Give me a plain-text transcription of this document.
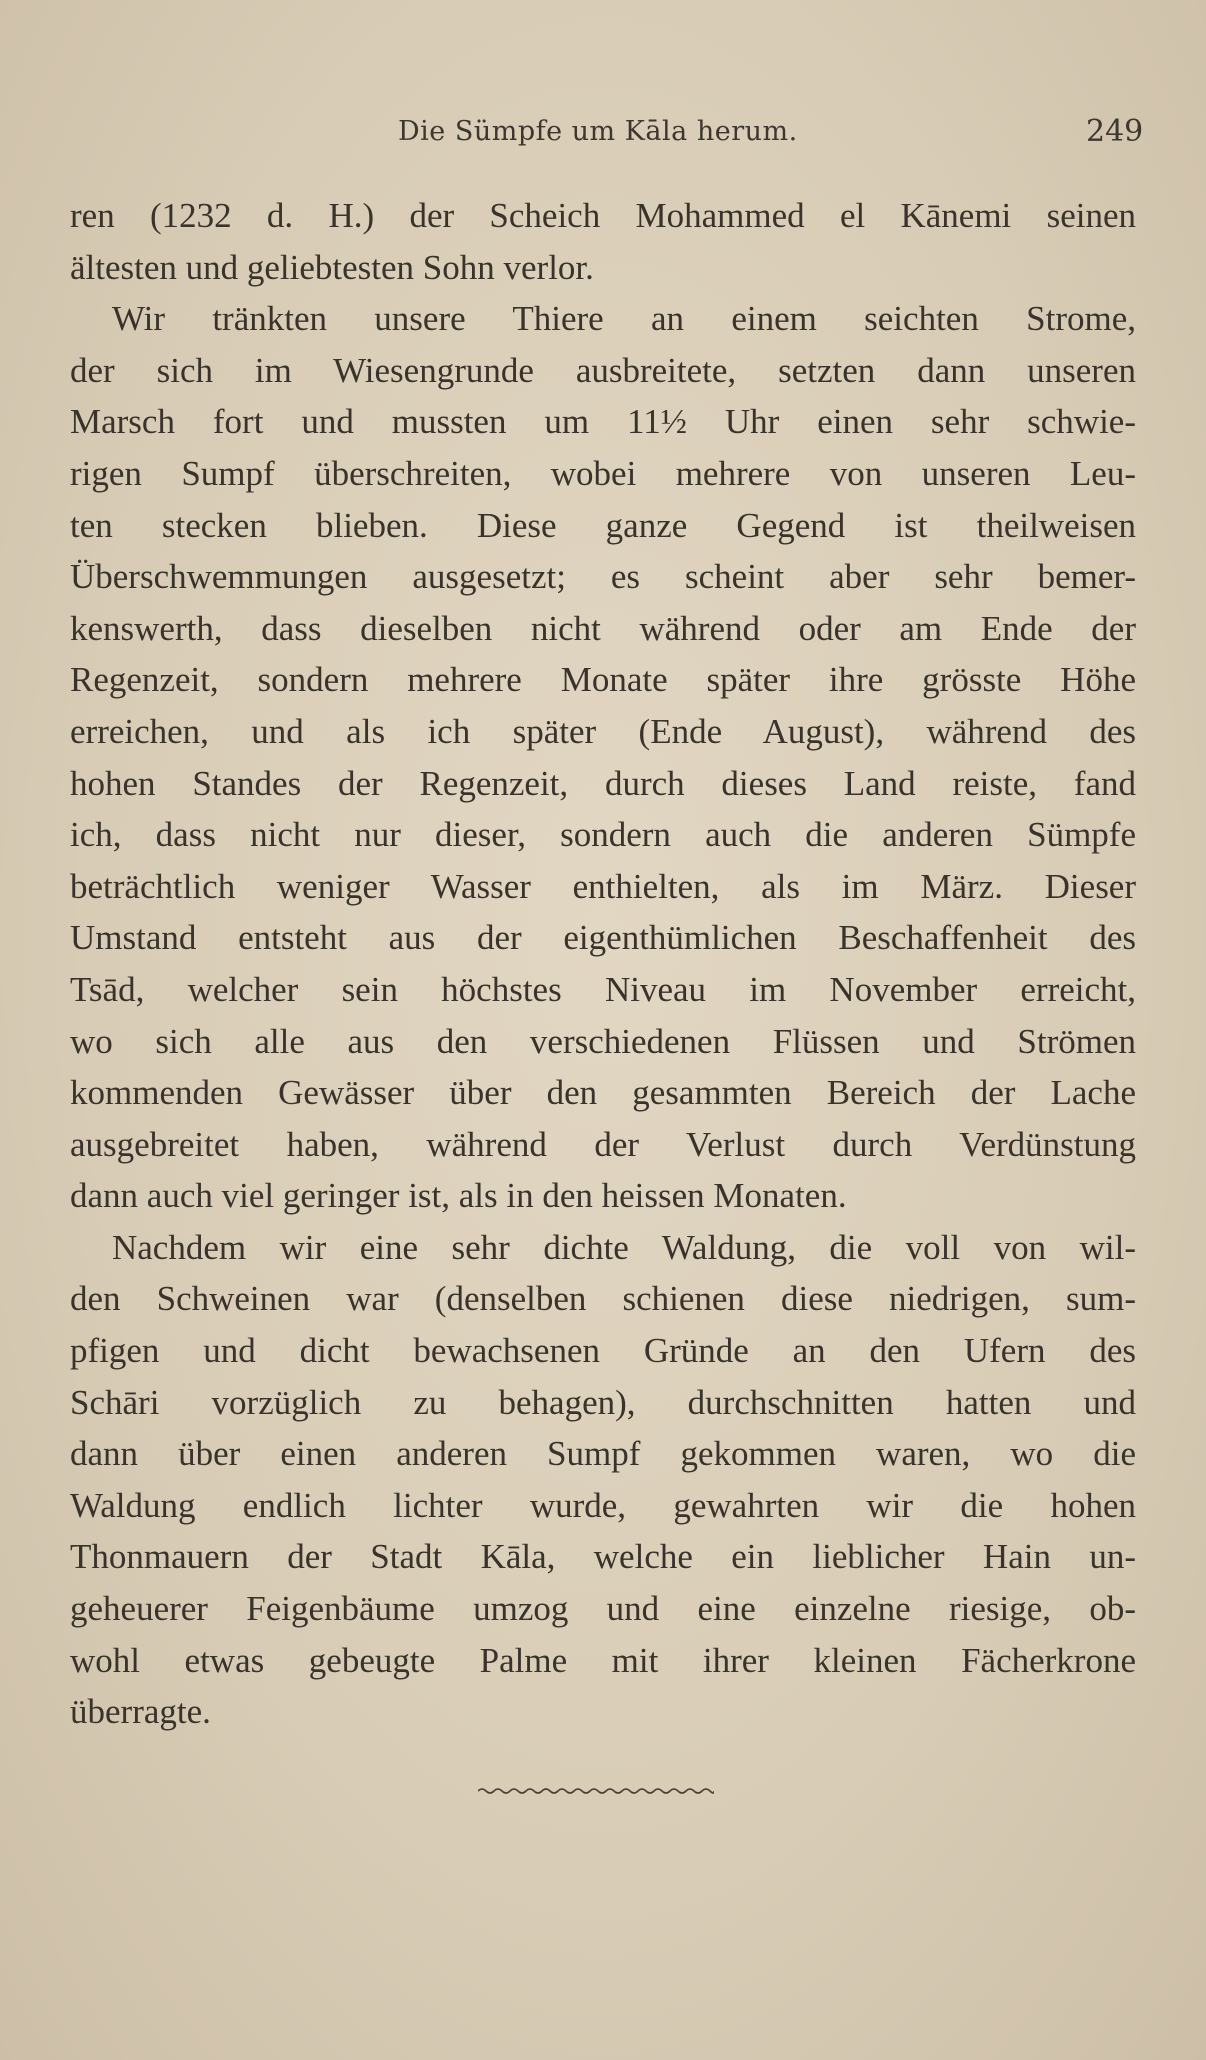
Die Sümpfe um Kāla herum.	249
ren (1232 d. H.) der Scheich Mohammed el Kānemi seinen
ältesten und geliebtesten Sohn verlor.
Wir tränkten unsere Thiere an einem seichten Strome,
der sich im Wiesengrunde ausbreitete, setzten dann unseren
Marsch fort und mussten um 11½ Uhr einen sehr schwie-
rigen Sumpf überschreiten, wobei mehrere von unseren Leu-
ten stecken blieben. Diese ganze Gegend ist theilweisen
Überschwemmungen ausgesetzt; es scheint aber sehr bemer-
kenswerth, dass dieselben nicht während oder am Ende der
Regenzeit, sondern mehrere Monate später ihre grösste Höhe
erreichen, und als ich später (Ende August), während des
hohen Standes der Regenzeit, durch dieses Land reiste, fand
ich, dass nicht nur dieser, sondern auch die anderen Sümpfe
beträchtlich weniger Wasser enthielten, als im März. Dieser
Umstand entsteht aus der eigenthümlichen Beschaffenheit des
Tsād, welcher sein höchstes Niveau im November erreicht,
wo sich alle aus den verschiedenen Flüssen und Strömen
kommenden Gewässer über den gesammten Bereich der Lache
ausgebreitet haben, während der Verlust durch Verdünstung
dann auch viel geringer ist, als in den heissen Monaten.
Nachdem wir eine sehr dichte Waldung, die voll von wil-
den Schweinen war (denselben schienen diese niedrigen, sum-
pfigen und dicht bewachsenen Gründe an den Ufern des
Schāri vorzüglich zu behagen), durchschnitten hatten und
dann über einen anderen Sumpf gekommen waren, wo die
Waldung endlich lichter wurde, gewahrten wir die hohen
Thonmauern der Stadt Kāla, welche ein lieblicher Hain un-
geheuerer Feigenbäume umzog und eine einzelne riesige, ob-
wohl etwas gebeugte Palme mit ihrer kleinen Fächerkrone
überragte.
